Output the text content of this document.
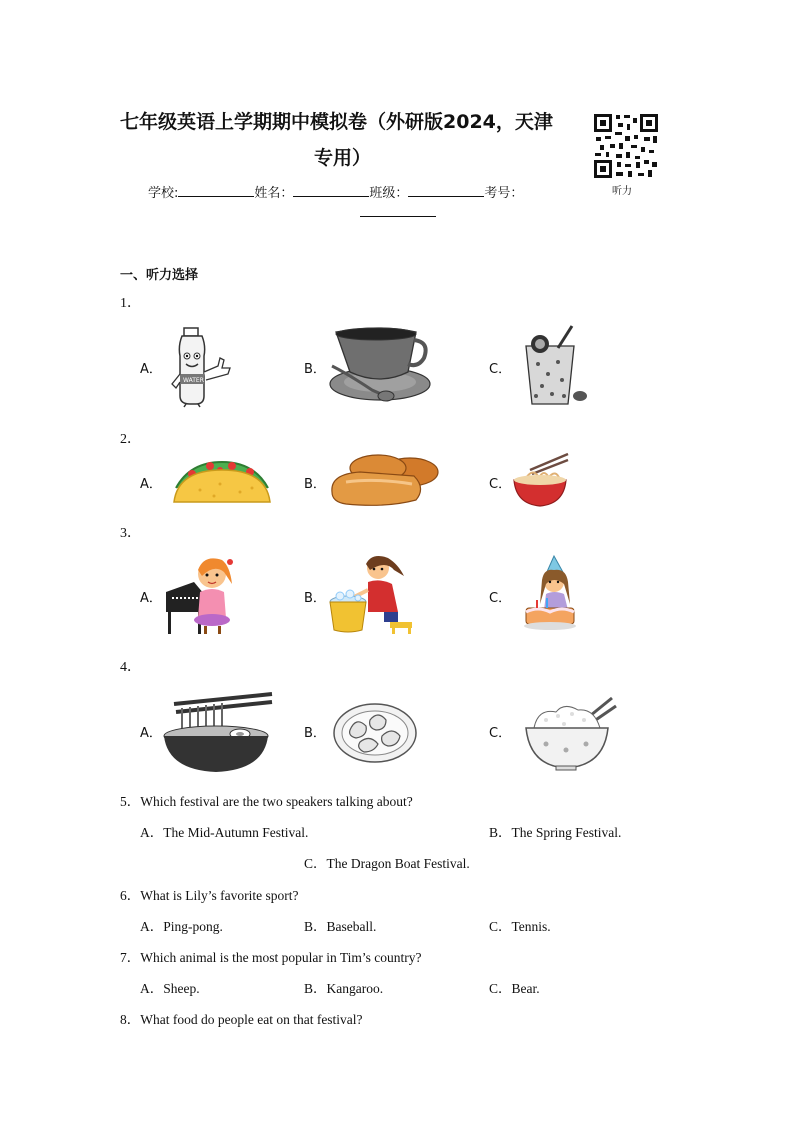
七年级英语上学期期中模拟卷（外研版2024，天津
专用）
听力
学校:	姓名：	班级：	考号：
一、听力选择
1．
A．
WATER
B．	C．
2．
A．	B．	C．
3．
A．	B．	C．
4．
A．	B．	C．
5．Which festival are the two speakers talking about?
A．The Mid-Autumn Festival.	B．The Spring Festival.
C．The Dragon Boat Festival.
6．What is Lily’s favorite sport?
A．Ping-pong.	B．Baseball.	C．Tennis.
7．Which animal is the most popular in Tim’s country?
A．Sheep.	B．Kangaroo.	C．Bear.
8．What food do people eat on that festival?
